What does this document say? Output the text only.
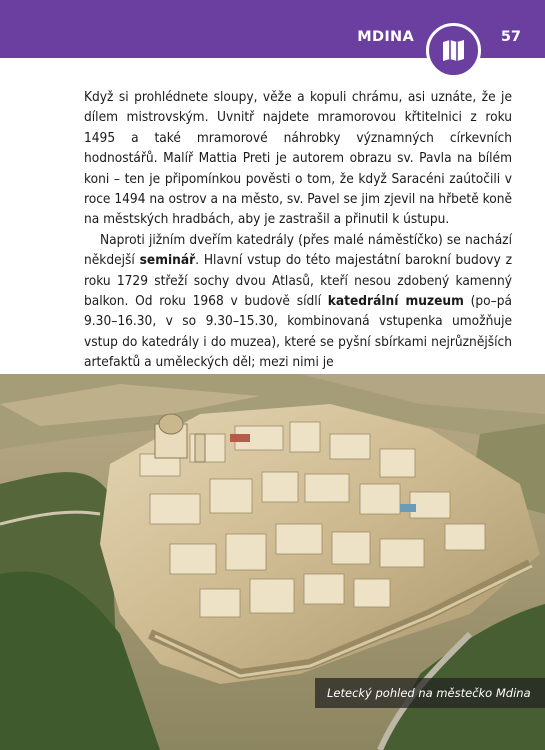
MDINA	57

Když si prohlédnete sloupy, věže a kopuli chrámu, asi uznáte, že je dílem mistrovským. Uvnitř najdete mramorovou křtitelnici z roku 1495 a také mramorové náhrobky významných církevních hodnostářů. Malíř Mattia Preti je autorem obrazu sv. Pavla na bílém koni – ten je připomínkou pověsti o tom, že když Saracéni zaútočili v roce 1494 na ostrov a na město, sv. Pavel se jim zjevil na hřbetě koně na městských hradbách, aby je zastrašil a přinutil k ústupu.

Naproti jižním dveřím katedrály (přes malé náměstíčko) se nachází někdejší seminář. Hlavní vstup do této majestátní barokní budovy z roku 1729 střeží sochy dvou Atlasů, kteří nesou zdobený kamenný balkon. Od roku 1968 v budově sídlí katedrální muzeum (po–pá 9.30–16.30, v so 9.30–15.30, kombinovaná vstupenka umožňuje vstup do katedrály i do muzea), které se pyšní sbírkami nejrůznějších artefaktů a uměleckých děl; mezi nimi je

Letecký pohled na městečko Mdina
